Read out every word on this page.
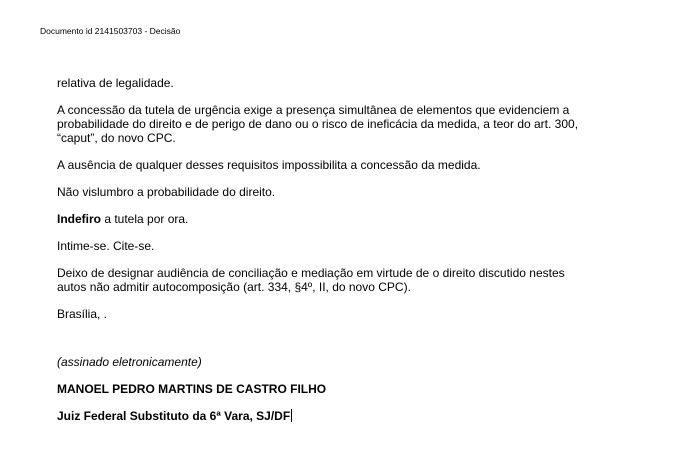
Documento id 2141503703 - Decisão

relativa de legalidade.

A concessão da tutela de urgência exige a presença simultânea de elementos que evidenciem a
probabilidade do direito e de perigo de dano ou o risco de ineficácia da medida, a teor do art. 300,
“caput”, do novo CPC.

A ausência de qualquer desses requisitos impossibilita a concessão da medida.

Não vislumbro a probabilidade do direito.

Indefiro a tutela por ora.

Intime-se. Cite-se.

Deixo de designar audiência de conciliação e mediação em virtude de o direito discutido nestes
autos não admitir autocomposição (art. 334, §4º, II, do novo CPC).

Brasília, .

(assinado eletronicamente)

MANOEL PEDRO MARTINS DE CASTRO FILHO

Juiz Federal Substituto da 6ª Vara, SJ/DF
